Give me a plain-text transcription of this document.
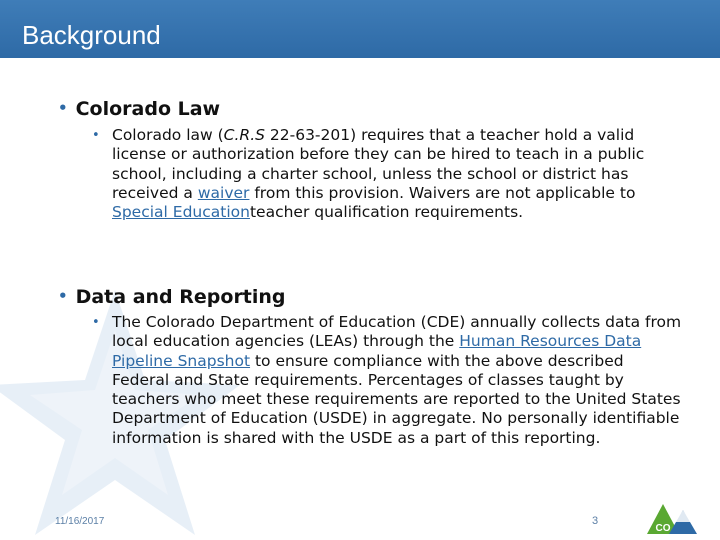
Background
• Colorado Law
• Colorado law (C.R.S 22-63-201) requires that a teacher hold a valid license or authorization before they can be hired to teach in a public school, including a charter school, unless the school or district has received a waiver from this provision. Waivers are not applicable to Special Educationteacher qualification requirements.
• Data and Reporting
• The Colorado Department of Education (CDE) annually collects data from local education agencies (LEAs) through the Human Resources Data Pipeline Snapshot to ensure compliance with the above described Federal and State requirements. Percentages of classes taught by teachers who meet these requirements are reported to the United States Department of Education (USDE) in aggregate. No personally identifiable information is shared with the USDE as a part of this reporting.
11/16/2017	3
CO
